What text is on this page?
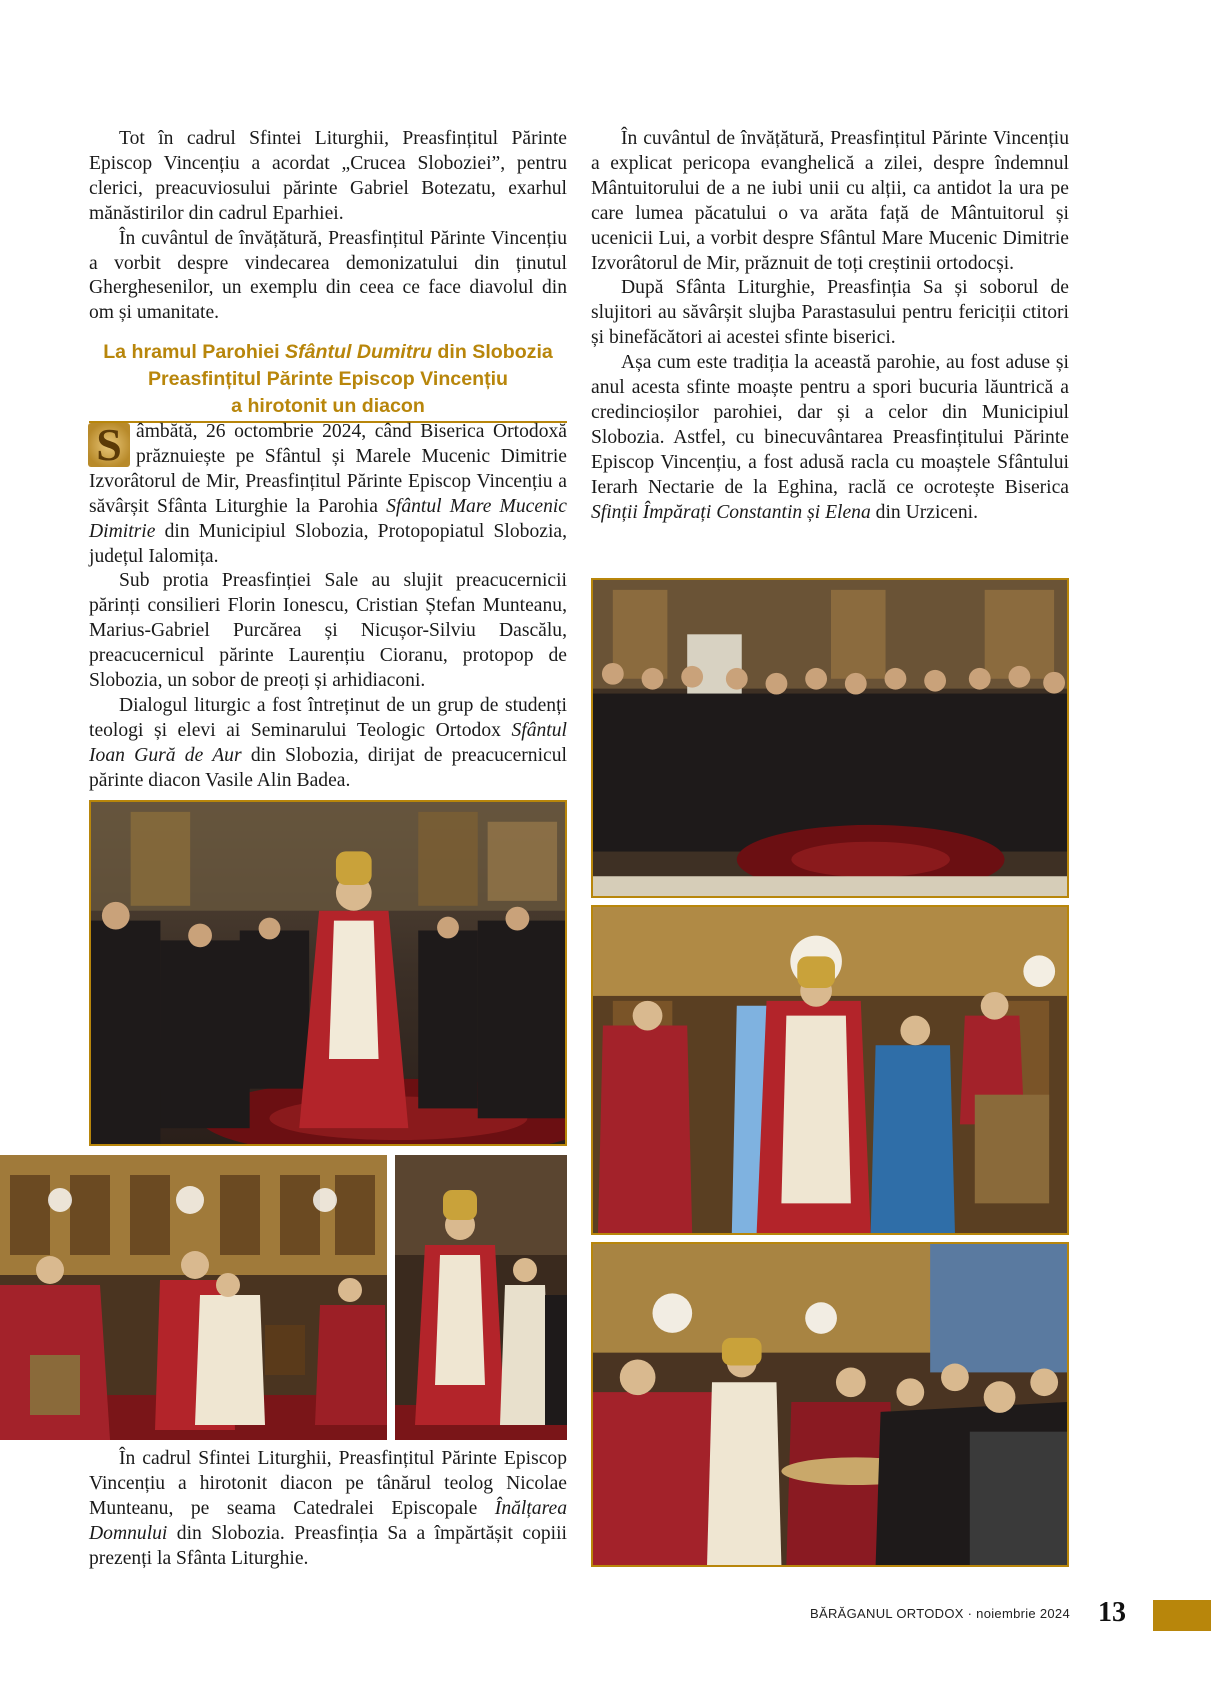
Tot în cadrul Sfintei Liturghii, Preasfințitul Părinte Episcop Vincențiu a acordat „Crucea Sloboziei”, pentru clerici, preacuviosului părinte Gabriel Botezatu, exarhul mănăstirilor din cadrul Eparhiei.

În cuvântul de învățătură, Preasfințitul Părinte Vincențiu a vorbit despre vindecarea demonizatului din ținutul Gherghesenilor, un exemplu din ceea ce face diavolul din om și umanitate.

La hramul Parohiei Sfântul Dumitru din Slobozia
Preasfințitul Părinte Episcop Vincențiu
a hirotonit un diacon

S âmbătă, 26 octombrie 2024, când Biserica Ortodoxă prăznuiește pe Sfântul și Marele Mucenic Dimitrie Izvorâtorul de Mir, Preasfințitul Părinte Episcop Vincențiu a săvârșit Sfânta Liturghie la Parohia Sfântul Mare Mucenic Dimitrie din Municipiul Slobozia, Protopopiatul Slobozia, județul Ialomița.

Sub protia Preasfinției Sale au slujit preacucernicii părinți consilieri Florin Ionescu, Cristian Ștefan Munteanu, Marius-Gabriel Purcărea și Nicușor-Silviu Dascălu, preacucernicul părinte Laurențiu Cioranu, protopop de Slobozia, un sobor de preoți și arhidiaconi.

Dialogul liturgic a fost întreținut de un grup de studenți teologi și elevi ai Seminarului Teologic Ortodox Sfântul Ioan Gură de Aur din Slobozia, dirijat de preacucernicul părinte diacon Vasile Alin Badea.

În cadrul Sfintei Liturghii, Preasfințitul Părinte Episcop Vincențiu a hirotonit diacon pe tânărul teolog Nicolae Munteanu, pe seama Catedralei Episcopale Înălțarea Domnului din Slobozia. Preasfinția Sa a împărtășit copiii prezenți la Sfânta Liturghie.

În cuvântul de învățătură, Preasfințitul Părinte Vincențiu a explicat pericopa evanghelică a zilei, despre îndemnul Mântuitorului de a ne iubi unii cu alții, ca antidot la ura pe care lumea păcatului o va arăta față de Mântuitorul și ucenicii Lui, a vorbit despre Sfântul Mare Mucenic Dimitrie Izvorâtorul de Mir, prăznuit de toți creștinii ortodocși.

După Sfânta Liturghie, Preasfinția Sa și soborul de slujitori au săvârșit slujba Parastasului pentru fericiții ctitori și binefăcători ai acestei sfinte biserici.

Așa cum este tradiția la această parohie, au fost aduse și anul acesta sfinte moaște pentru a spori bucuria lăuntrică a credincioșilor parohiei, dar și a celor din Municipiul Slobozia. Astfel, cu binecuvântarea Preasfințitului Părinte Episcop Vincențiu, a fost adusă racla cu moaștele Sfântului Ierarh Nectarie de la Eghina, raclă ce ocrotește Biserica Sfinții Împărați Constantin și Elena din Urziceni.

BĂRĂGANUL ORTODOX · noiembrie 2024 13
